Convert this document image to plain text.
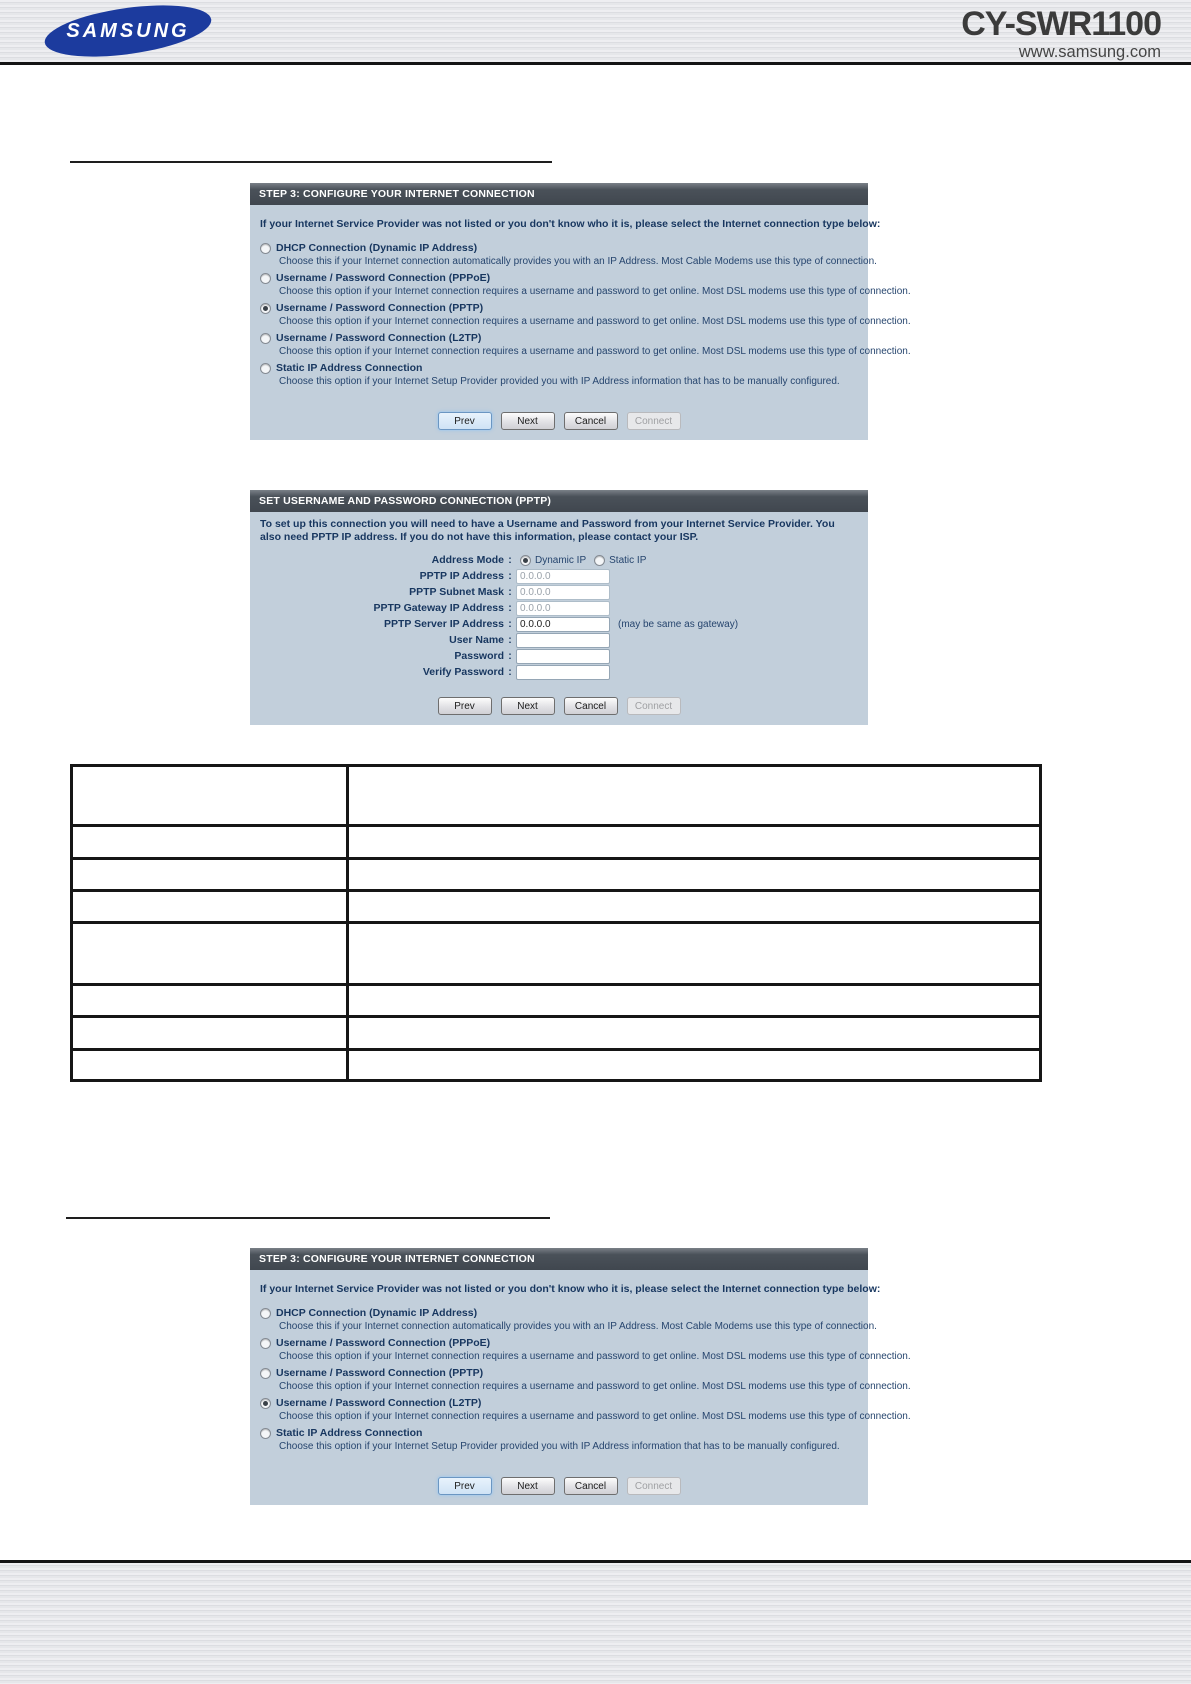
SAMSUNG	CY-SWR1100
www.samsung.com
STEP 3: CONFIGURE YOUR INTERNET CONNECTION
If your Internet Service Provider was not listed or you don't know who it is, please select the Internet connection type below:
DHCP Connection (Dynamic IP Address)
Choose this if your Internet connection automatically provides you with an IP Address. Most Cable Modems use this type of connection.
Username / Password Connection (PPPoE)
Choose this option if your Internet connection requires a username and password to get online. Most DSL modems use this type of connection.
Username / Password Connection (PPTP)
Choose this option if your Internet connection requires a username and password to get online. Most DSL modems use this type of connection.
Username / Password Connection (L2TP)
Choose this option if your Internet connection requires a username and password to get online. Most DSL modems use this type of connection.
Static IP Address Connection
Choose this option if your Internet Setup Provider provided you with IP Address information that has to be manually configured.
Prev	Next	Cancel	Connect
SET USERNAME AND PASSWORD CONNECTION (PPTP)
To set up this connection you will need to have a Username and Password from your Internet Service Provider. You also need PPTP IP address. If you do not have this information, please contact your ISP.
Address Mode :	Dynamic IP Static IP
PPTP IP Address :
0.0.0.0
PPTP Subnet Mask :
0.0.0.0
PPTP Gateway IP Address :
0.0.0.0
PPTP Server IP Address :
0.0.0.0	(may be same as gateway)
User Name :
Password :
Verify Password :
Prev	Next	Cancel	Connect

STEP 3: CONFIGURE YOUR INTERNET CONNECTION
If your Internet Service Provider was not listed or you don't know who it is, please select the Internet connection type below:
DHCP Connection (Dynamic IP Address)
Choose this if your Internet connection automatically provides you with an IP Address. Most Cable Modems use this type of connection.
Username / Password Connection (PPPoE)
Choose this option if your Internet connection requires a username and password to get online. Most DSL modems use this type of connection.
Username / Password Connection (PPTP)
Choose this option if your Internet connection requires a username and password to get online. Most DSL modems use this type of connection.
Username / Password Connection (L2TP)
Choose this option if your Internet connection requires a username and password to get online. Most DSL modems use this type of connection.
Static IP Address Connection
Choose this option if your Internet Setup Provider provided you with IP Address information that has to be manually configured.
Prev	Next	Cancel	Connect
